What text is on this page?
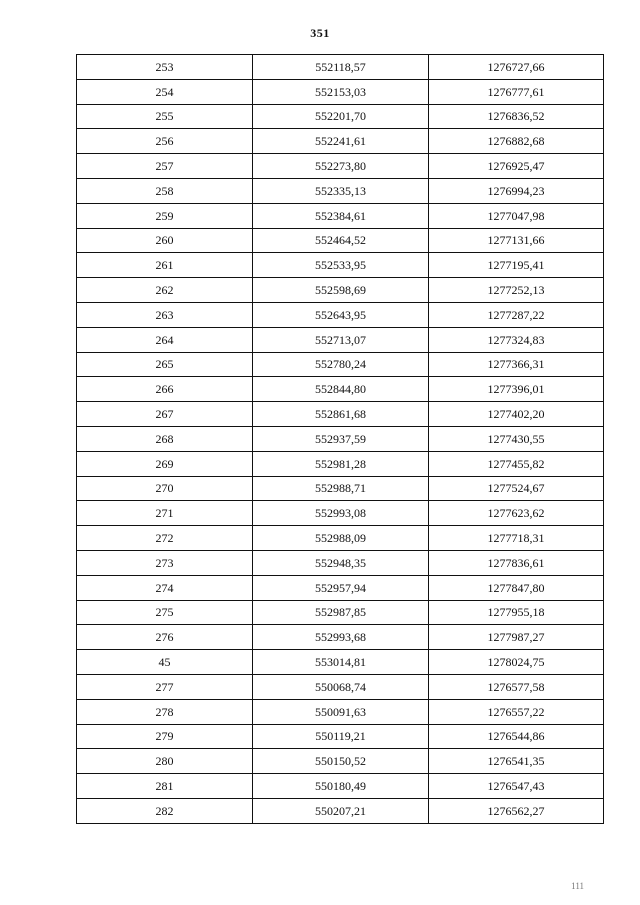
351
253	552118,57	1276727,66
254	552153,03	1276777,61
255	552201,70	1276836,52
256	552241,61	1276882,68
257	552273,80	1276925,47
258	552335,13	1276994,23
259	552384,61	1277047,98
260	552464,52	1277131,66
261	552533,95	1277195,41
262	552598,69	1277252,13
263	552643,95	1277287,22
264	552713,07	1277324,83
265	552780,24	1277366,31
266	552844,80	1277396,01
267	552861,68	1277402,20
268	552937,59	1277430,55
269	552981,28	1277455,82
270	552988,71	1277524,67
271	552993,08	1277623,62
272	552988,09	1277718,31
273	552948,35	1277836,61
274	552957,94	1277847,80
275	552987,85	1277955,18
276	552993,68	1277987,27
45	553014,81	1278024,75
277	550068,74	1276577,58
278	550091,63	1276557,22
279	550119,21	1276544,86
280	550150,52	1276541,35
281	550180,49	1276547,43
282	550207,21	1276562,27
111
